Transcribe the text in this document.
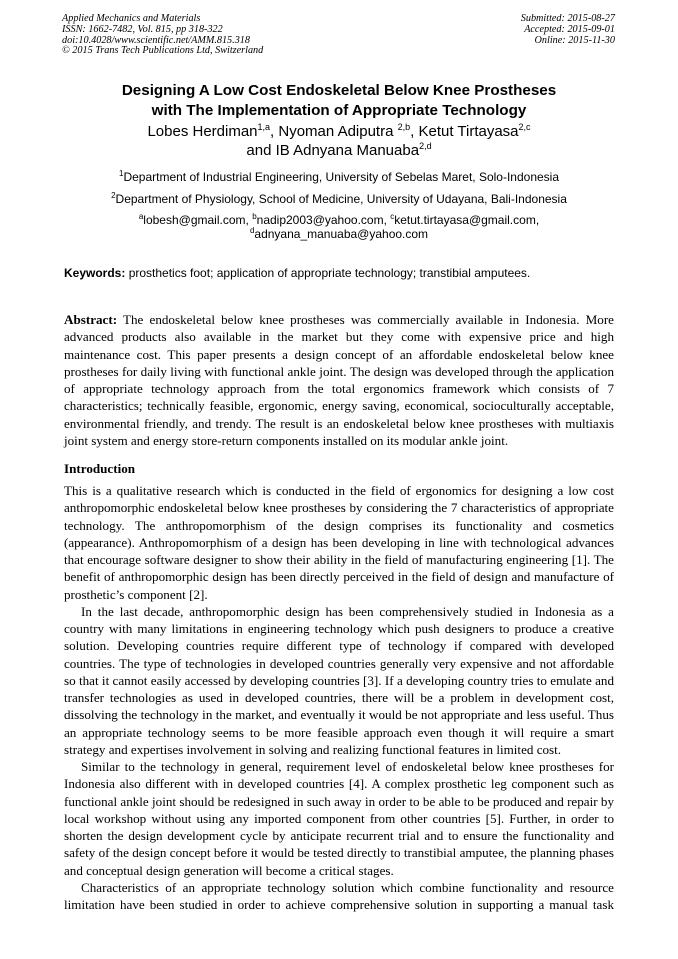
Applied Mechanics and Materials
ISSN: 1662-7482, Vol. 815, pp 318-322
doi:10.4028/www.scientific.net/AMM.815.318
© 2015 Trans Tech Publications Ltd, Switzerland
Submitted: 2015-08-27
Accepted: 2015-09-01
Online: 2015-11-30
Designing A Low Cost Endoskeletal Below Knee Prostheses
with The Implementation of Appropriate Technology
Lobes Herdiman$^{1,a}$, Nyoman Adiputra $^{2,b}$, Ketut Tirtayasa$^{2,c}$
and IB Adnyana Manuaba$^{2,d}$
$^1$Department of Industrial Engineering, University of Sebelas Maret, Solo-Indonesia
$^2$Department of Physiology, School of Medicine, University of Udayana, Bali-Indonesia
$^a$lobesh@gmail.com, $^b$nadip2003@yahoo.com, $^c$ketut.tirtayasa@gmail.com,
$^d$adnyana_manuaba@yahoo.com
Keywords: prosthetics foot; application of appropriate technology; transtibial amputees.

Abstract: The endoskeletal below knee prostheses was commercially available in Indonesia. More advanced products also available in the market but they come with expensive price and high maintenance cost. This paper presents a design concept of an affordable endoskeletal below knee prostheses for daily living with functional ankle joint. The design was developed through the application of appropriate technology approach from the total ergonomics framework which consists of 7 characteristics; technically feasible, ergonomic, energy saving, economical, socioculturally acceptable, environmental friendly, and trendy. The result is an endoskeletal below knee prostheses with multiaxis joint system and energy store-return components installed on its modular ankle joint.

Introduction

This is a qualitative research which is conducted in the field of ergonomics for designing a low cost anthropomorphic endoskeletal below knee prostheses by considering the 7 characteristics of appropriate technology. The anthropomorphism of the design comprises its functionality and cosmetics (appearance). Anthropomorphism of a design has been developing in line with technological advances that encourage software designer to show their ability in the field of manufacturing engineering [1]. The benefit of anthropomorphic design has been directly perceived in the field of design and manufacture of prosthetic’s component [2].

In the last decade, anthropomorphic design has been comprehensively studied in Indonesia as a country with many limitations in engineering technology which push designers to produce a creative solution. Developing countries require different type of technology if compared with developed countries. The type of technologies in developed countries generally very expensive and not affordable so that it cannot easily accessed by developing countries [3]. If a developing country tries to emulate and transfer technologies as used in developed countries, there will be a problem in development cost, dissolving the technology in the market, and eventually it would be not appropriate and less useful. Thus an appropriate technology seems to be more feasible approach even though it will require a smart strategy and expertises involvement in solving and realizing functional features in limited cost.

Similar to the technology in general, requirement level of endoskeletal below knee prostheses for Indonesia also different with in developed countries [4]. A complex prosthetic leg component such as functional ankle joint should be redesigned in such away in order to be able to be produced and repair by local workshop without using any imported component from other countries [5]. Further, in order to shorten the design development cycle by anticipate recurrent trial and to ensure the functionality and safety of the design concept before it would be tested directly to transtibial amputee, the planning phases and conceptual design generation will become a critical stages.

Characteristics of an appropriate technology solution which combine functionality and resource limitation have been studied in order to achieve comprehensive solution in supporting a manual task
